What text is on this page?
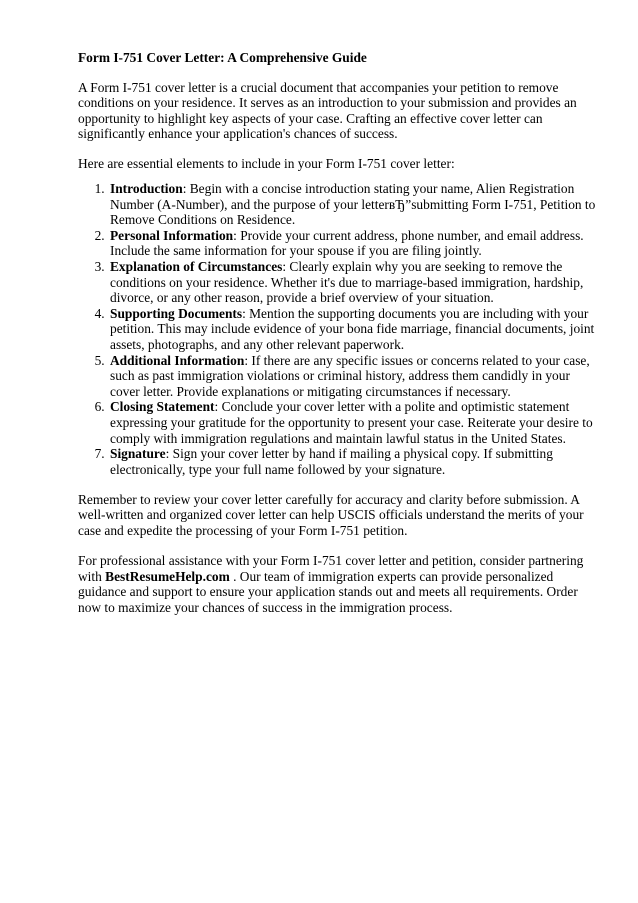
Form I-751 Cover Letter: A Comprehensive Guide

A Form I-751 cover letter is a crucial document that accompanies your petition to remove conditions on your residence. It serves as an introduction to your submission and provides an opportunity to highlight key aspects of your case. Crafting an effective cover letter can significantly enhance your application's chances of success.

Here are essential elements to include in your Form I-751 cover letter:

1. Introduction: Begin with a concise introduction stating your name, Alien Registration Number (A-Number), and the purpose of your letterвЂ”submitting Form I-751, Petition to Remove Conditions on Residence.
2. Personal Information: Provide your current address, phone number, and email address. Include the same information for your spouse if you are filing jointly.
3. Explanation of Circumstances: Clearly explain why you are seeking to remove the conditions on your residence. Whether it's due to marriage-based immigration, hardship, divorce, or any other reason, provide a brief overview of your situation.
4. Supporting Documents: Mention the supporting documents you are including with your petition. This may include evidence of your bona fide marriage, financial documents, joint assets, photographs, and any other relevant paperwork.
5. Additional Information: If there are any specific issues or concerns related to your case, such as past immigration violations or criminal history, address them candidly in your cover letter. Provide explanations or mitigating circumstances if necessary.
6. Closing Statement: Conclude your cover letter with a polite and optimistic statement expressing your gratitude for the opportunity to present your case. Reiterate your desire to comply with immigration regulations and maintain lawful status in the United States.
7. Signature: Sign your cover letter by hand if mailing a physical copy. If submitting electronically, type your full name followed by your signature.

Remember to review your cover letter carefully for accuracy and clarity before submission. A well-written and organized cover letter can help USCIS officials understand the merits of your case and expedite the processing of your Form I-751 petition.

For professional assistance with your Form I-751 cover letter and petition, consider partnering with BestResumeHelp.com . Our team of immigration experts can provide personalized guidance and support to ensure your application stands out and meets all requirements. Order now to maximize your chances of success in the immigration process.
